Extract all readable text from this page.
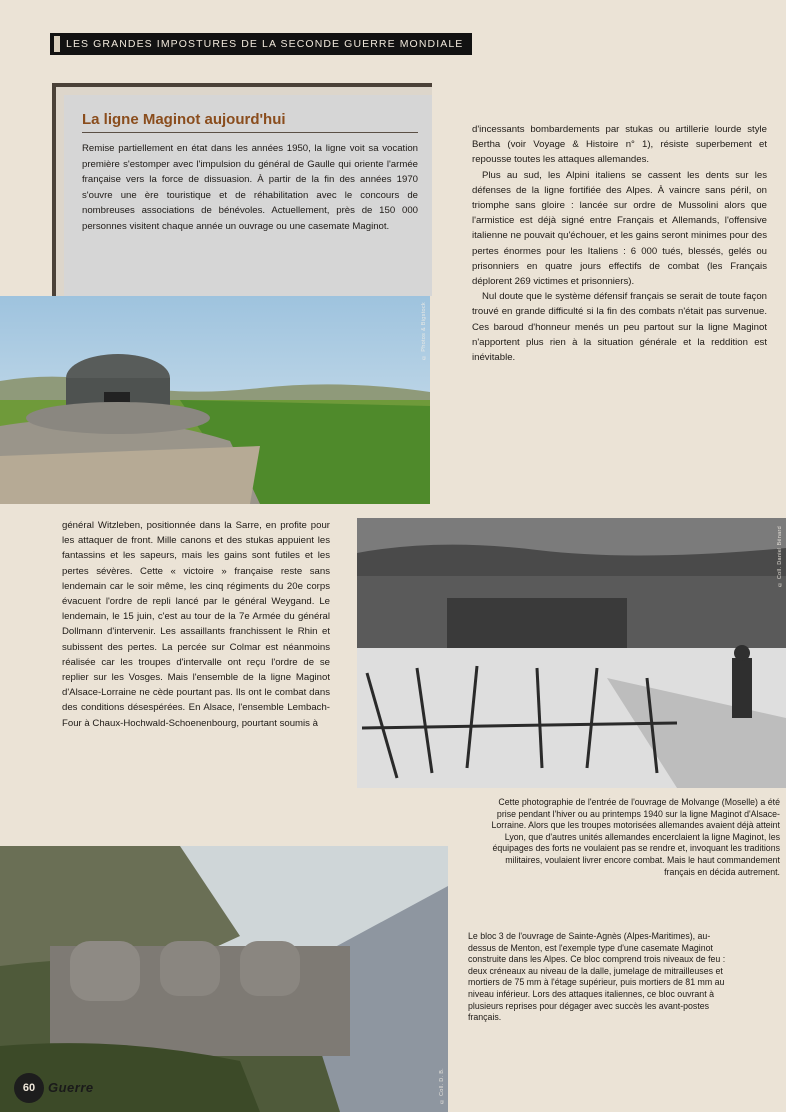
LES GRANDES IMPOSTURES DE LA SECONDE GUERRE MONDIALE
La ligne Maginot aujourd'hui

Remise partiellement en état dans les années 1950, la ligne voit sa vocation première s'estomper avec l'impulsion du général de Gaulle qui oriente l'armée française vers la force de dissuasion. À partir de la fin des années 1970 s'ouvre une ère touristique et de réhabilitation avec le concours de nombreuses associations de bénévoles. Actuellement, près de 150 000 personnes visitent chaque année un ouvrage ou une casemate Maginot.

d'incessants bombardements par stukas ou artillerie lourde style Bertha (voir Voyage & Histoire n° 1), résiste superbement et repousse toutes les attaques allemandes.

Plus au sud, les Alpini italiens se cassent les dents sur les défenses de la ligne fortifiée des Alpes. À vaincre sans péril, on triomphe sans gloire : lancée sur ordre de Mussolini alors que l'armistice est déjà signé entre Français et Allemands, l'offensive italienne ne pouvait qu'échouer, et les gains seront minimes pour des pertes énormes pour les Italiens : 6 000 tués, blessés, gelés ou prisonniers en quatre jours effectifs de combat (les Français déplorent 269 victimes et prisonniers).

Nul doute que le système défensif français se serait de toute façon trouvé en grande difficulté si la fin des combats n'était pas survenue. Ces baroud d'honneur menés un peu partout sur la ligne Maginot n'apportent plus rien à la situation générale et la reddition est inévitable.

© Photos & Bigstock

général Witzleben, positionnée dans la Sarre, en profite pour les attaquer de front. Mille canons et des stukas appuient les fantassins et les sapeurs, mais les gains sont futiles et les pertes sévères. Cette « victoire » française reste sans lendemain car le soir même, les cinq régiments du 20e corps évacuent l'ordre de repli lancé par le général Weygand. Le lendemain, le 15 juin, c'est au tour de la 7e Armée du général Dollmann d'intervenir. Les assaillants franchissent le Rhin et subissent des pertes. La percée sur Colmar est néanmoins réalisée car les troupes d'intervalle ont reçu l'ordre de se replier sur les Vosges. Mais l'ensemble de la ligne Maginot d'Alsace-Lorraine ne cède pourtant pas. Ils ont le combat dans des conditions désespérées. En Alsace, l'ensemble Lembach-Four à Chaux-Hochwald-Schoenenbourg, pourtant soumis à

© Coll. Daniel Bénard

Cette photographie de l'entrée de l'ouvrage de Molvange (Moselle) a été prise pendant l'hiver ou au printemps 1940 sur la ligne Maginot d'Alsace-Lorraine. Alors que les troupes motorisées allemandes avaient déjà atteint Lyon, que d'autres unités allemandes encerclaient la ligne Maginot, les équipages des forts ne voulaient pas se rendre et, invoquant les traditions militaires, voulaient livrer encore combat. Mais le haut commandement français en décida autrement.

© Coll. D. B.

Le bloc 3 de l'ouvrage de Sainte-Agnès (Alpes-Maritimes), au-dessus de Menton, est l'exemple type d'une casemate Maginot construite dans les Alpes. Ce bloc comprend trois niveaux de feu : deux créneaux au niveau de la dalle, jumelage de mitrailleuses et mortiers de 75 mm à l'étage supérieur, puis mortiers de 81 mm au niveau inférieur. Lors des attaques italiennes, ce bloc ouvrant à plusieurs reprises pour dégager avec succès les avant-postes français.

60 Guerre
